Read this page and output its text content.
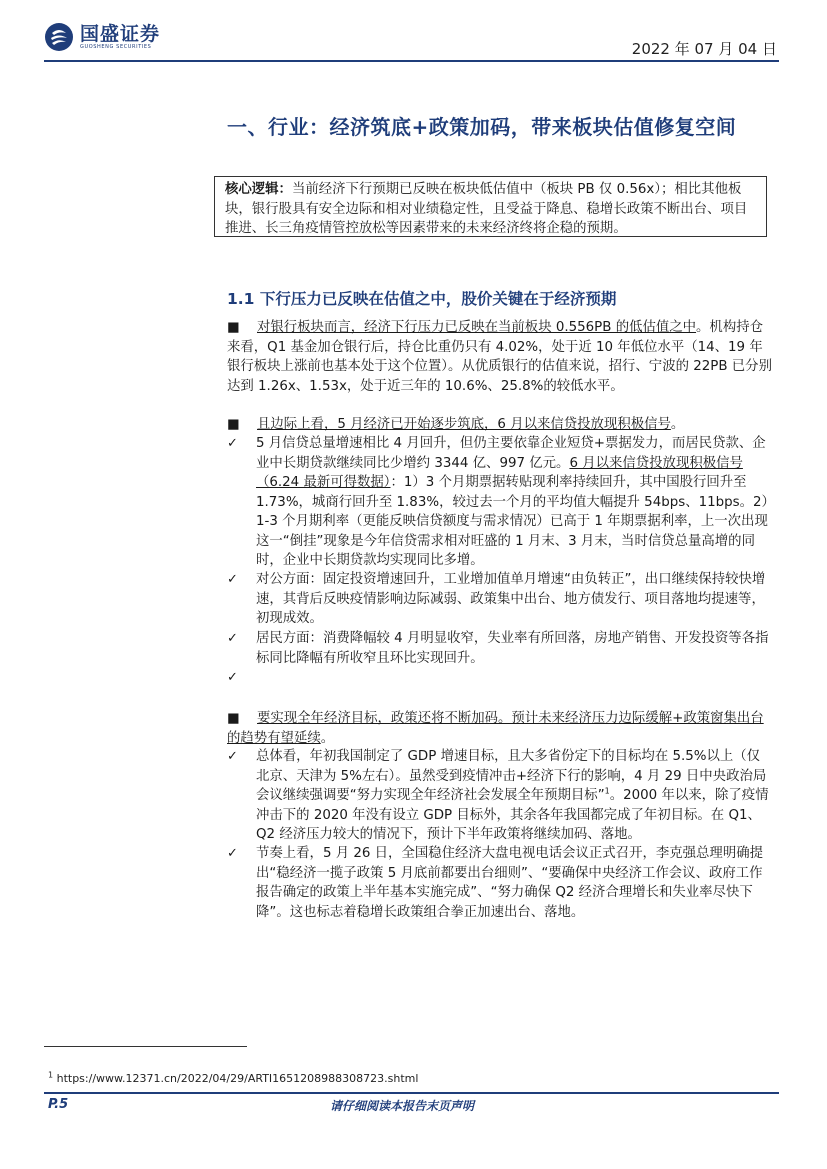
国盛证券
GUOSHENG SECURITIES	2022 年 07 月 04 日
一、行业：经济筑底+政策加码，带来板块估值修复空间
核心逻辑：当前经济下行预期已反映在板块低估值中（板块 PB 仅 0.56x）；相比其他板块，银行股具有安全边际和相对业绩稳定性，且受益于降息、稳增长政策不断出台、项目推进、长三角疫情管控放松等因素带来的未来经济终将企稳的预期。
1.1 下行压力已反映在估值之中，股价关键在于经济预期
■ 对银行板块而言，经济下行压力已反映在当前板块 0.556PB 的低估值之中。机构持仓来看，Q1 基金加仓银行后，持仓比重仍只有 4.02%，处于近 10 年低位水平（14、19 年银行板块上涨前也基本处于这个位置）。从优质银行的估值来说，招行、宁波的 22PB 已分别达到 1.26x、1.53x，处于近三年的 10.6%、25.8%的较低水平。
■ 且边际上看，5 月经济已开始逐步筑底，6 月以来信贷投放现积极信号。
✓ 5 月信贷总量增速相比 4 月回升，但仍主要依靠企业短贷+票据发力，而居民贷款、企业中长期贷款继续同比少增约 3344 亿、997 亿元。6 月以来信贷投放现积极信号（6.24 最新可得数据）：1）3 个月期票据转贴现利率持续回升，其中国股行回升至 1.73%，城商行回升至 1.83%，较过去一个月的平均值大幅提升 54bps、11bps。2）1-3 个月期利率（更能反映信贷额度与需求情况）已高于 1 年期票据利率，上一次出现这一“倒挂”现象是今年信贷需求相对旺盛的 1 月末、3 月末，当时信贷总量高增的同时，企业中长期贷款均实现同比多增。
✓ 对公方面：固定投资增速回升，工业增加值单月增速“由负转正”，出口继续保持较快增速，其背后反映疫情影响边际减弱、政策集中出台、地方债发行、项目落地均提速等，初现成效。
✓ 居民方面：消费降幅较 4 月明显收窄，失业率有所回落，房地产销售、开发投资等各指标同比降幅有所收窄且环比实现回升。
✓
■ 要实现全年经济目标，政策还将不断加码。预计未来经济压力边际缓解+政策窗集出台的趋势有望延续。
✓ 总体看，年初我国制定了 GDP 增速目标，且大多省份定下的目标均在 5.5%以上（仅北京、天津为 5%左右）。虽然受到疫情冲击+经济下行的影响，4 月 29 日中央政治局会议继续强调要“努力实现全年经济社会发展全年预期目标”$^1$。2000 年以来，除了疫情冲击下的 2020 年没有设立 GDP 目标外，其余各年我国都完成了年初目标。在 Q1、Q2 经济压力较大的情况下，预计下半年政策将继续加码、落地。
✓ 节奏上看，5 月 26 日，全国稳住经济大盘电视电话会议正式召开，李克强总理明确提出“稳经济一揽子政策 5 月底前都要出台细则”、“要确保中央经济工作会议、政府工作报告确定的政策上半年基本实施完成”、“努力确保 Q2 经济合理增长和失业率尽快下降”。这也标志着稳增长政策组合拳正加速出台、落地。
$^1$ https://www.12371.cn/2022/04/29/ARTI1651208988308723.shtml
P.5	请仔细阅读本报告末页声明
